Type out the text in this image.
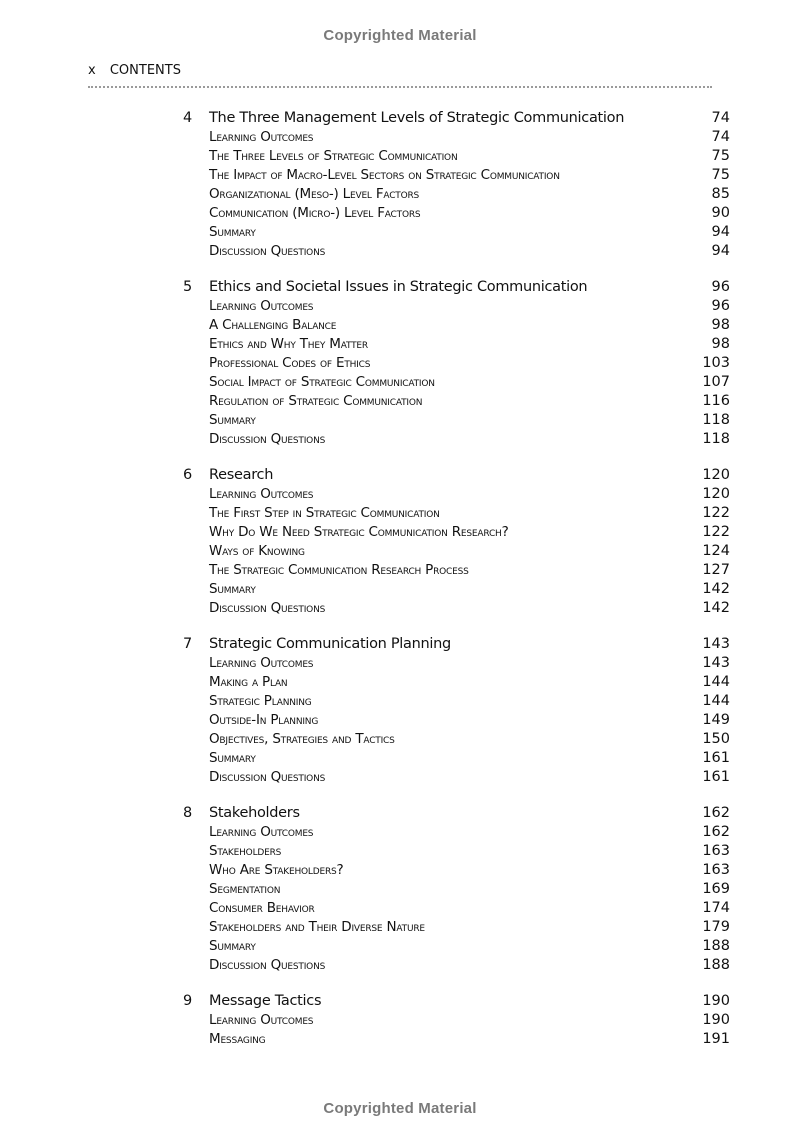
Copyrighted Material
x CONTENTS
4 The Three Management Levels of Strategic Communication	74
Learning Outcomes	74
The Three Levels of Strategic Communication	75
The Impact of Macro-Level Sectors on Strategic Communication	75
Organizational (Meso-) Level Factors	85
Communication (Micro-) Level Factors	90
Summary	94
Discussion Questions	94
5 Ethics and Societal Issues in Strategic Communication	96
Learning Outcomes	96
A Challenging Balance	98
Ethics and Why They Matter	98
Professional Codes of Ethics	103
Social Impact of Strategic Communication	107
Regulation of Strategic Communication	116
Summary	118
Discussion Questions	118
6 Research	120
Learning Outcomes	120
The First Step in Strategic Communication	122
Why Do We Need Strategic Communication Research?	122
Ways of Knowing	124
The Strategic Communication Research Process	127
Summary	142
Discussion Questions	142
7 Strategic Communication Planning	143
Learning Outcomes	143
Making a Plan	144
Strategic Planning	144
Outside-In Planning	149
Objectives, Strategies and Tactics	150
Summary	161
Discussion Questions	161
8 Stakeholders	162
Learning Outcomes	162
Stakeholders	163
Who Are Stakeholders?	163
Segmentation	169
Consumer Behavior	174
Stakeholders and Their Diverse Nature	179
Summary	188
Discussion Questions	188
9 Message Tactics	190
Learning Outcomes	190
Messaging	191
Copyrighted Material
